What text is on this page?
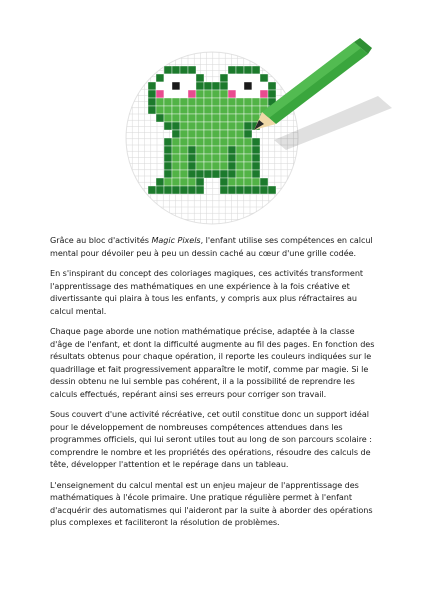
Grâce au bloc d'activités Magic Pixels, l'enfant utilise ses compétences en calcul mental pour dévoiler peu à peu un dessin caché au cœur d'une grille codée.

En s'inspirant du concept des coloriages magiques, ces activités transforment l'apprentissage des mathématiques en une expérience à la fois créative et divertissante qui plaira à tous les enfants, y compris aux plus réfractaires au calcul mental.

Chaque page aborde une notion mathématique précise, adaptée à la classe d'âge de l'enfant, et dont la difficulté augmente au fil des pages. En fonction des résultats obtenus pour chaque opération, il reporte les couleurs indiquées sur le quadrillage et fait progressivement apparaître le motif, comme par magie. Si le dessin obtenu ne lui semble pas cohérent, il a la possibilité de reprendre les calculs effectués, repérant ainsi ses erreurs pour corriger son travail.

Sous couvert d'une activité récréative, cet outil constitue donc un support idéal pour le développement de nombreuses compétences attendues dans les programmes officiels, qui lui seront utiles tout au long de son parcours scolaire : comprendre le nombre et les propriétés des opérations, résoudre des calculs de tête, développer l'attention et le repérage dans un tableau.

L'enseignement du calcul mental est un enjeu majeur de l'apprentissage des mathématiques à l'école primaire. Une pratique régulière permet à l'enfant d'acquérir des automatismes qui l'aideront par la suite à aborder des opérations plus complexes et faciliteront la résolution de problèmes.
